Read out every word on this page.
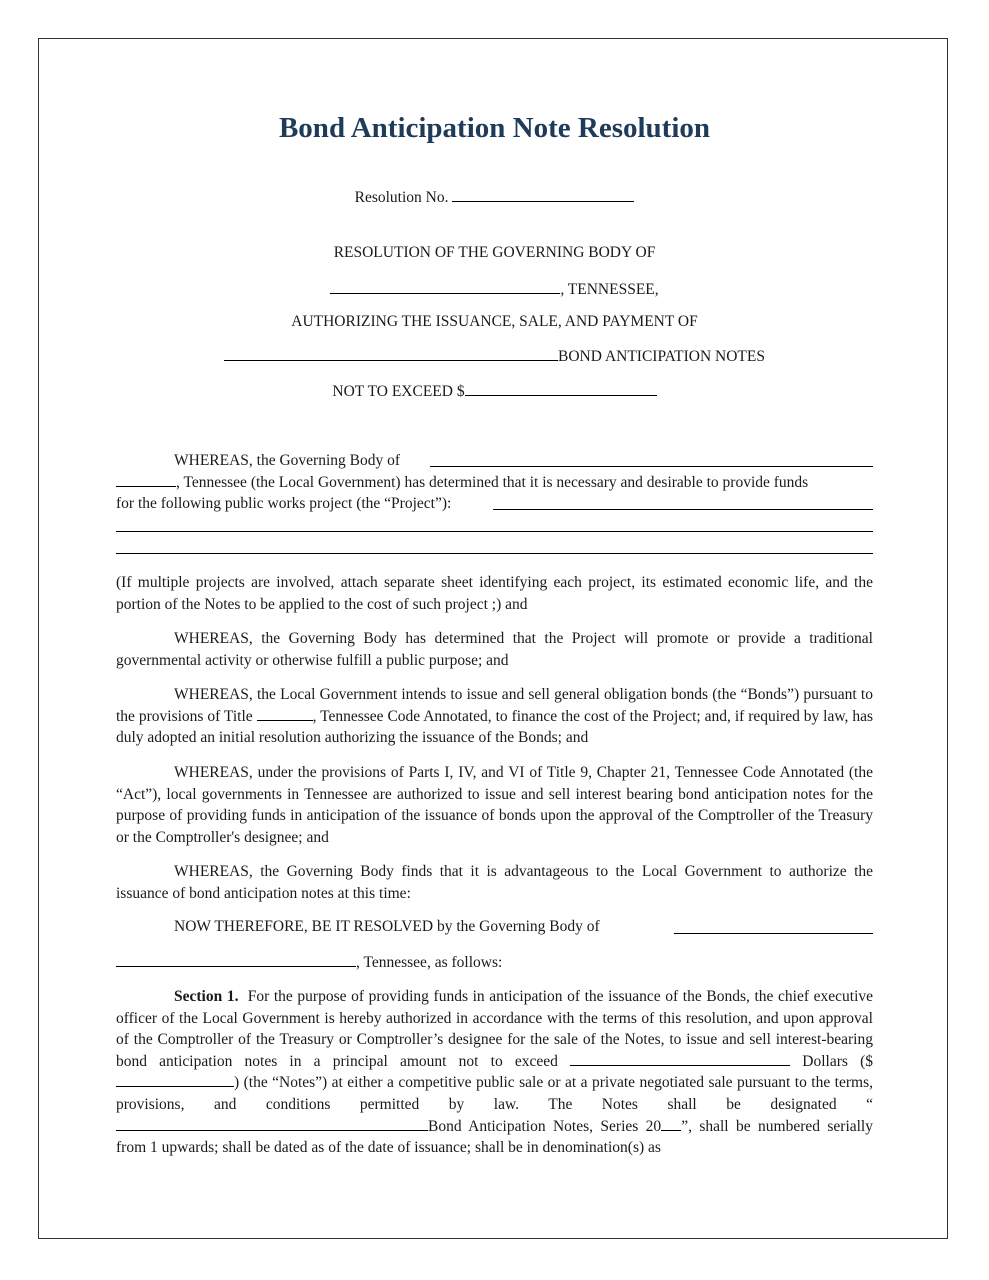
Bond Anticipation Note Resolution
Resolution No.
RESOLUTION OF THE GOVERNING BODY OF
, TENNESSEE,
AUTHORIZING THE ISSUANCE, SALE, AND PAYMENT OF
BOND ANTICIPATION NOTES
NOT TO EXCEED $
WHEREAS, the Governing Body of
, Tennessee (the Local Government) has determined that it is necessary and desirable to provide funds
for the following public works project (the “Project”):
(If multiple projects are involved, attach separate sheet identifying each project, its estimated economic life, and the portion of the Notes to be applied to the cost of such project ;) and
WHEREAS, the Governing Body has determined that the Project will promote or provide a traditional governmental activity or otherwise fulfill a public purpose; and
WHEREAS, the Local Government intends to issue and sell general obligation bonds (the “Bonds”) pursuant to the provisions of Title	, Tennessee Code Annotated, to finance the cost of the Project; and, if required by law, has duly adopted an initial resolution authorizing the issuance of the Bonds; and
WHEREAS, under the provisions of Parts I, IV, and VI of Title 9, Chapter 21, Tennessee Code Annotated (the “Act”), local governments in Tennessee are authorized to issue and sell interest bearing bond anticipation notes for the purpose of providing funds in anticipation of the issuance of bonds upon the approval of the Comptroller of the Treasury or the Comptroller's designee; and
WHEREAS, the Governing Body finds that it is advantageous to the Local Government to authorize the issuance of bond anticipation notes at this time:
NOW THEREFORE, BE IT RESOLVED by the Governing Body of
, Tennessee, as follows:
Section 1. For the purpose of providing funds in anticipation of the issuance of the Bonds, the chief executive officer of the Local Government is hereby authorized in accordance with the terms of this resolution, and upon approval of the Comptroller of the Treasury or Comptroller’s designee for the sale of the Notes, to issue and sell interest-bearing bond anticipation notes in a principal amount not to exceed	Dollars ($) (the “Notes”) at either a competitive public sale or at a private negotiated sale pursuant to the terms, provisions, and conditions permitted by law. The Notes shall be designated “Bond Anticipation Notes, Series 20 ”, shall be numbered serially from 1 upwards; shall be dated as of the date of issuance; shall be in denomination(s) as
